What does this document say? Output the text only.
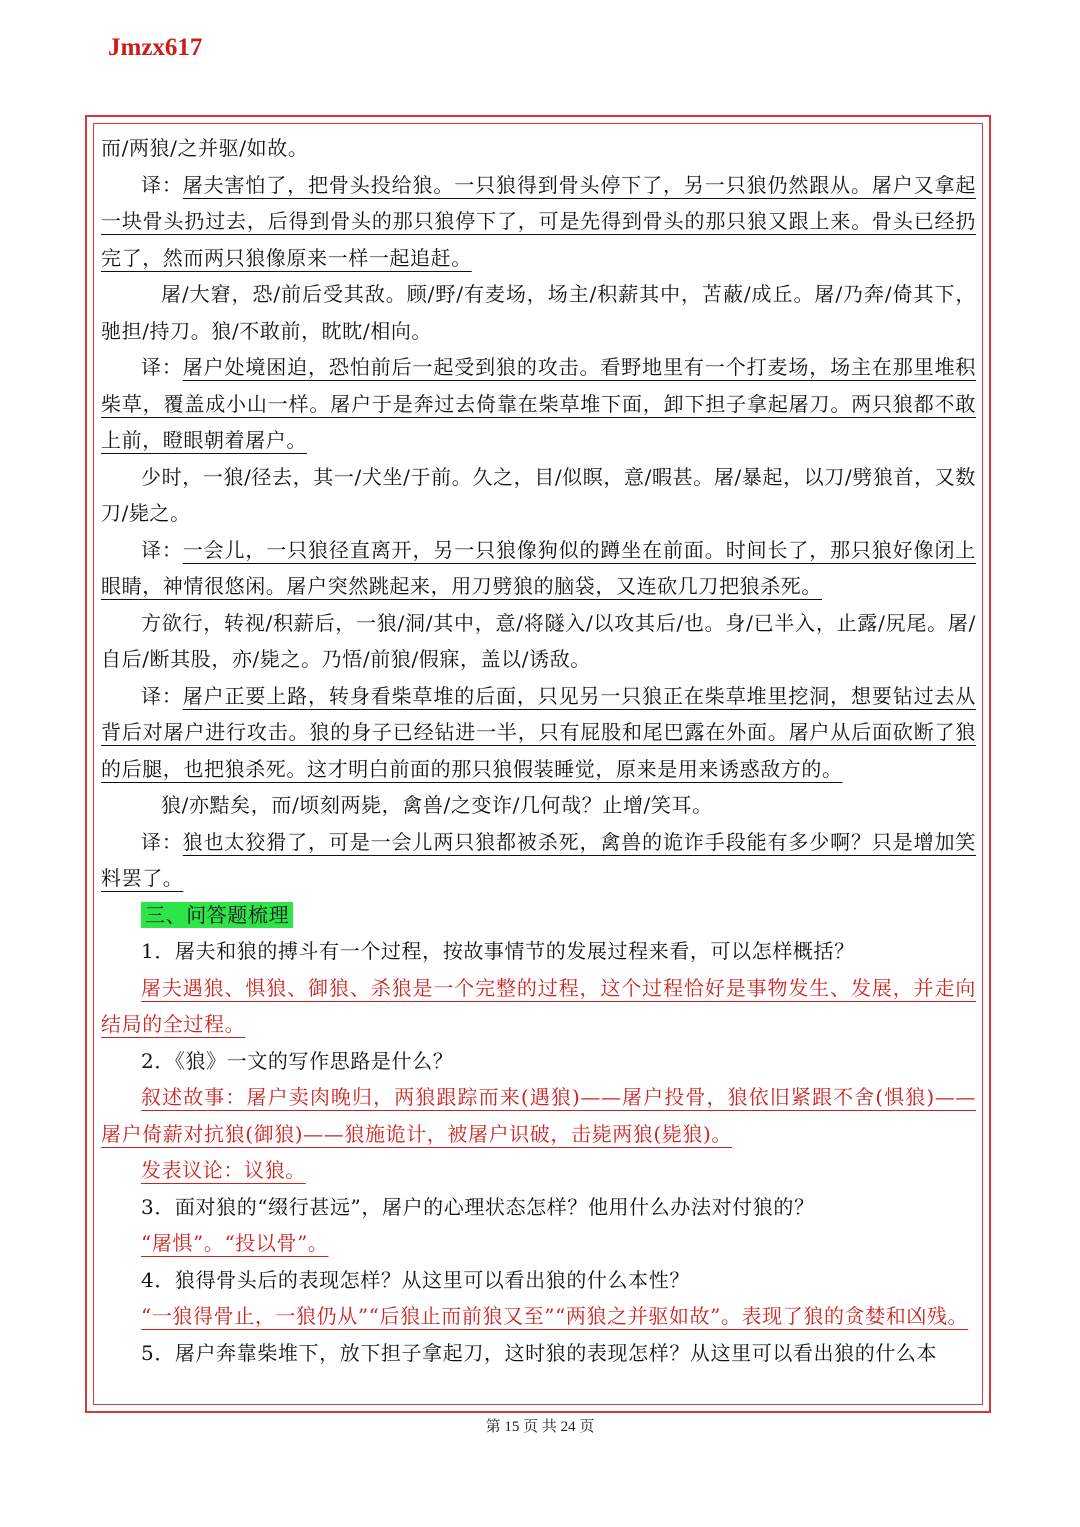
Jmzx617

而/两狼/之并驱/如故。

译：屠夫害怕了，把骨头投给狼。一只狼得到骨头停下了，另一只狼仍然跟从。屠户又拿起一块骨头扔过去，后得到骨头的那只狼停下了，可是先得到骨头的那只狼又跟上来。骨头已经扔完了，然而两只狼像原来一样一起追赶。

屠/大窘，恐/前后受其敌。顾/野/有麦场，场主/积薪其中，苫蔽/成丘。屠/乃奔/倚其下，驰担/持刀。狼/不敢前，眈眈/相向。

译：屠户处境困迫，恐怕前后一起受到狼的攻击。看野地里有一个打麦场，场主在那里堆积柴草，覆盖成小山一样。屠户于是奔过去倚靠在柴草堆下面，卸下担子拿起屠刀。两只狼都不敢上前，瞪眼朝着屠户。

少时，一狼/径去，其一/犬坐/于前。久之，目/似瞑，意/暇甚。屠/暴起，以刀/劈狼首，又数刀/毙之。

译：一会儿，一只狼径直离开，另一只狼像狗似的蹲坐在前面。时间长了，那只狼好像闭上眼睛，神情很悠闲。屠户突然跳起来，用刀劈狼的脑袋，又连砍几刀把狼杀死。

方欲行，转视/积薪后，一狼/洞/其中，意/将隧入/以攻其后/也。身/已半入，止露/尻尾。屠/自后/断其股，亦/毙之。乃悟/前狼/假寐，盖以/诱敌。

译：屠户正要上路，转身看柴草堆的后面，只见另一只狼正在柴草堆里挖洞，想要钻过去从背后对屠户进行攻击。狼的身子已经钻进一半，只有屁股和尾巴露在外面。屠户从后面砍断了狼的后腿，也把狼杀死。这才明白前面的那只狼假装睡觉，原来是用来诱惑敌方的。

狼/亦黠矣，而/顷刻两毙，禽兽/之变诈/几何哉？止增/笑耳。

译：狼也太狡猾了，可是一会儿两只狼都被杀死，禽兽的诡诈手段能有多少啊？只是增加笑料罢了。

三、问答题梳理

1．屠夫和狼的搏斗有一个过程，按故事情节的发展过程来看，可以怎样概括？

屠夫遇狼、惧狼、御狼、杀狼是一个完整的过程，这个过程恰好是事物发生、发展，并走向结局的全过程。

2．《狼》一文的写作思路是什么？

叙述故事：屠户卖肉晚归，两狼跟踪而来(遇狼)——屠户投骨，狼依旧紧跟不舍(惧狼)——屠户倚薪对抗狼(御狼)——狼施诡计，被屠户识破，击毙两狼(毙狼)。

发表议论：议狼。

3．面对狼的“缀行甚远”，屠户的心理状态怎样？他用什么办法对付狼的？

“屠惧”。“投以骨”。

4．狼得骨头后的表现怎样？从这里可以看出狼的什么本性？

“一狼得骨止，一狼仍从”“后狼止而前狼又至”“两狼之并驱如故”。表现了狼的贪婪和凶残。

5．屠户奔靠柴堆下，放下担子拿起刀，这时狼的表现怎样？从这里可以看出狼的什么本

第 15 页 共 24 页
